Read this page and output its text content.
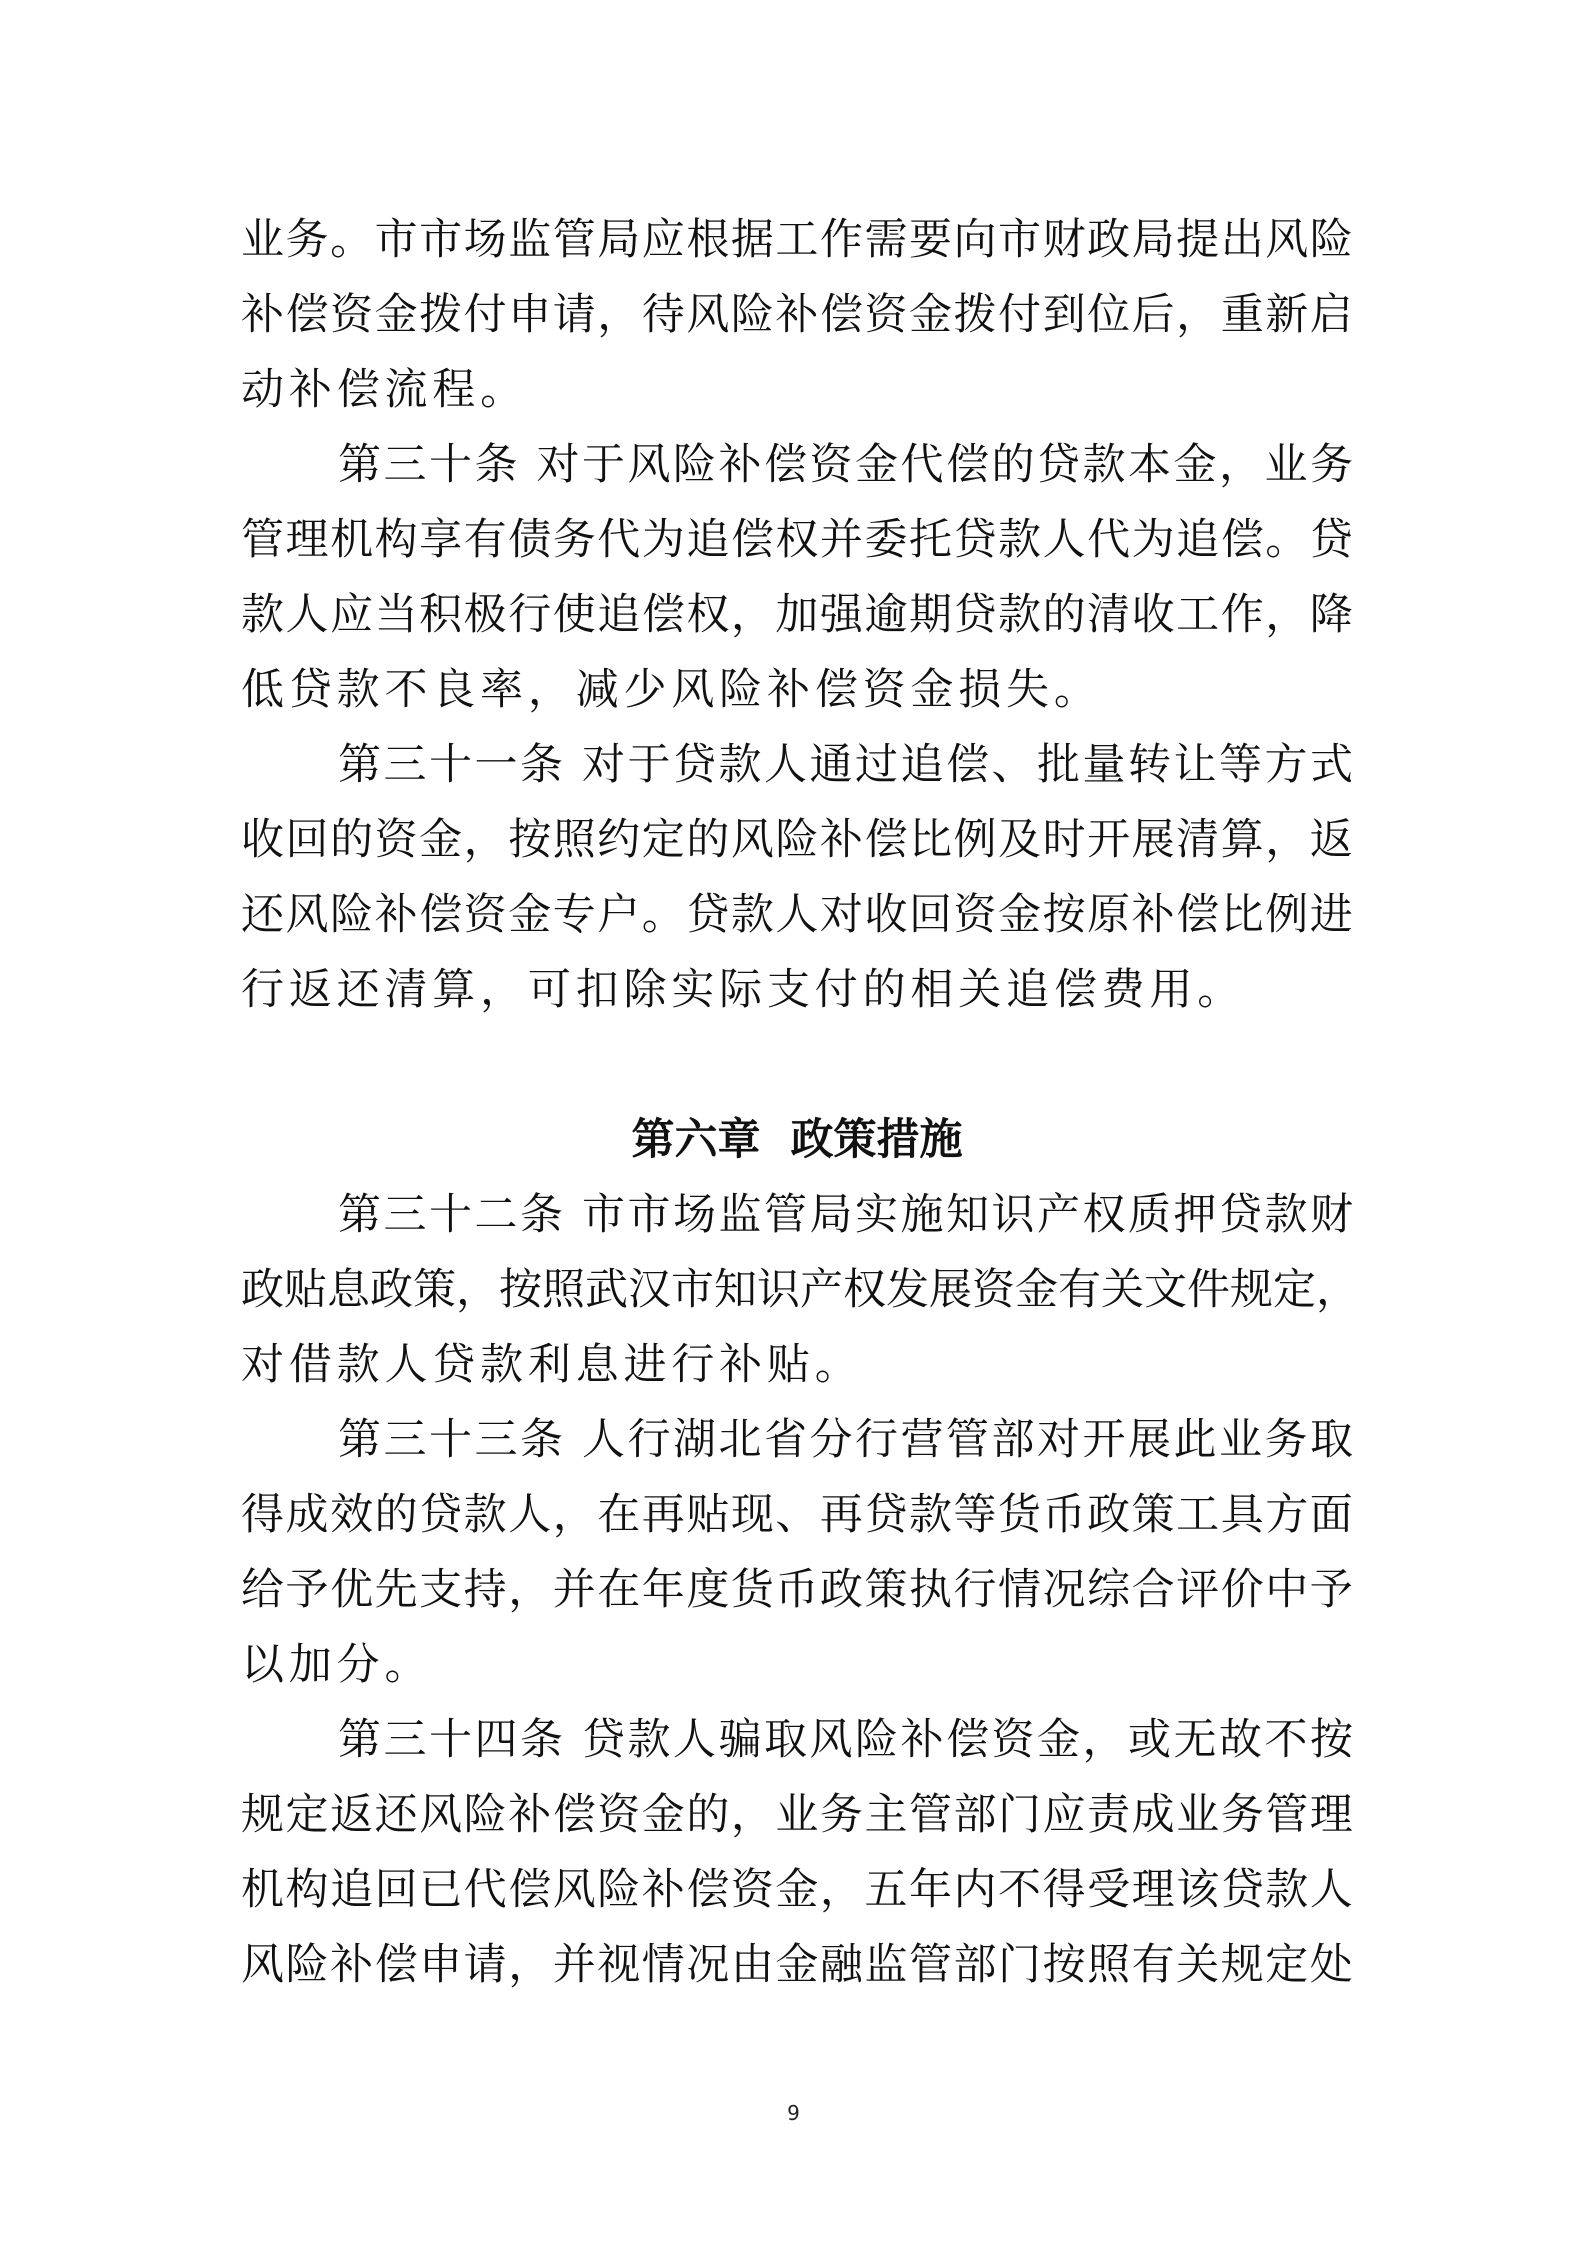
业 务 。 市 市 场 监 管 局 应 根 据 工 作 需 要 向 市 财 政 局 提 出 风 险
补 偿 资 金 拨 付 申 请 ， 待 风 险 补 偿 资 金 拨 付 到 位 后 ， 重 新 启
动 补 偿 流 程 。
第 三 十 条 对 于 风 险 补 偿 资 金 代 偿 的 贷 款 本 金 ， 业 务
管 理 机 构 享 有 债 务 代 为 追 偿 权 并 委 托 贷 款 人 代 为 追 偿 。 贷
款 人 应 当 积 极 行 使 追 偿 权 ， 加 强 逾 期 贷 款 的 清 收 工 作 ， 降
低 贷 款 不 良 率 ， 减 少 风 险 补 偿 资 金 损 失 。
第 三 十 一 条 对 于 贷 款 人 通 过 追 偿 、 批 量 转 让 等 方 式
收 回 的 资 金 ， 按 照 约 定 的 风 险 补 偿 比 例 及 时 开 展 清 算 ， 返
还 风 险 补 偿 资 金 专 户 。 贷 款 人 对 收 回 资 金 按 原 补 偿 比 例 进
行 返 还 清 算 ， 可 扣 除 实 际 支 付 的 相 关 追 偿 费 用 。
第六章  政策措施
第 三 十 二 条 市 市 场 监 管 局 实 施 知 识 产 权 质 押 贷 款 财
政 贴 息 政 策 ， 按 照 武 汉 市 知 识 产 权 发 展 资 金 有 关 文 件 规 定 ，
对 借 款 人 贷 款 利 息 进 行 补 贴 。
第 三 十 三 条 人 行 湖 北 省 分 行 营 管 部 对 开 展 此 业 务 取
得 成 效 的 贷 款 人 ， 在 再 贴 现 、 再 贷 款 等 货 币 政 策 工 具 方 面
给 予 优 先 支 持 ， 并 在 年 度 货 币 政 策 执 行 情 况 综 合 评 价 中 予
以 加 分 。
第 三 十 四 条 贷 款 人 骗 取 风 险 补 偿 资 金 ， 或 无 故 不 按
规 定 返 还 风 险 补 偿 资 金 的 ， 业 务 主 管 部 门 应 责 成 业 务 管 理
机 构 追 回 已 代 偿 风 险 补 偿 资 金 ， 五 年 内 不 得 受 理 该 贷 款 人
风 险 补 偿 申 请 ， 并 视 情 况 由 金 融 监 管 部 门 按 照 有 关 规 定 处
9
